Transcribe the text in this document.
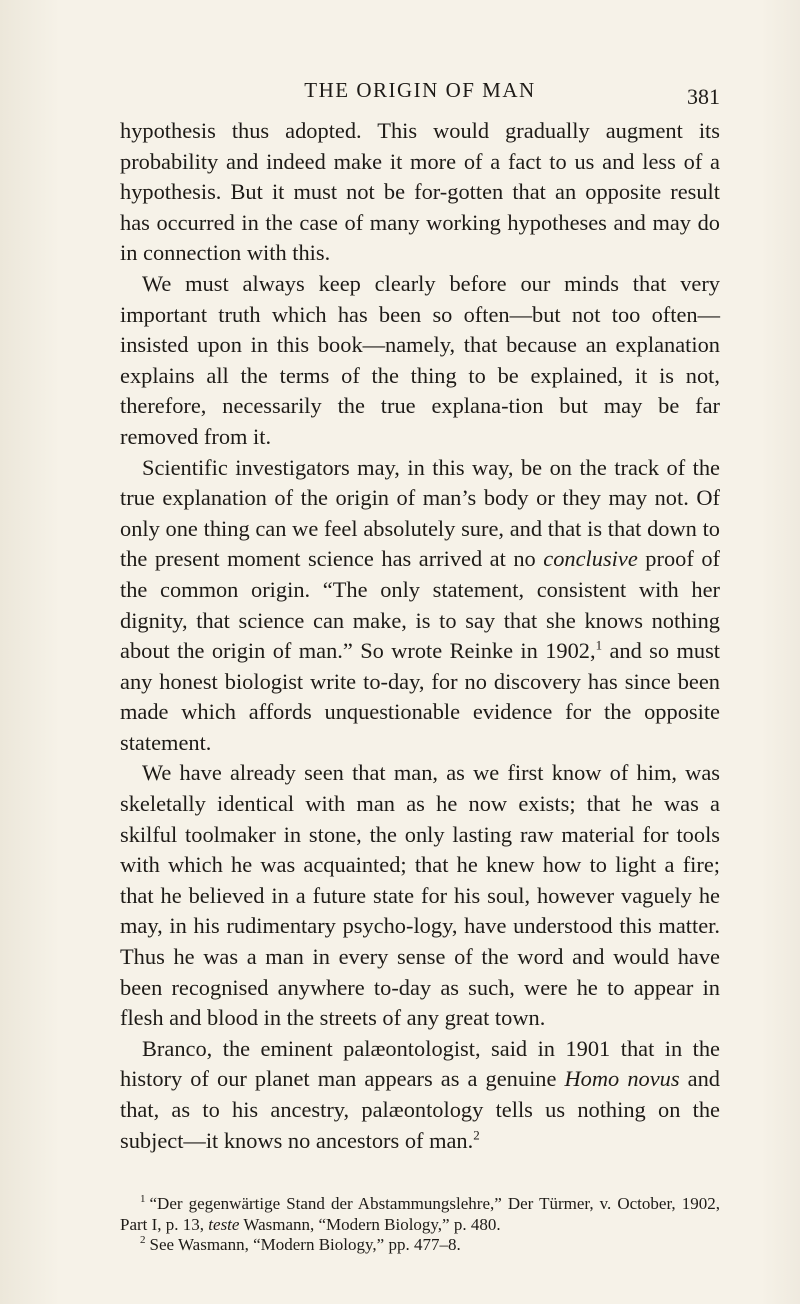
THE ORIGIN OF MAN	381

hypothesis thus adopted. This would gradually augment its probability and indeed make it more of a fact to us and less of a hypothesis. But it must not be for-gotten that an opposite result has occurred in the case of many working hypotheses and may do in connection with this.

We must always keep clearly before our minds that very important truth which has been so often—but not too often—insisted upon in this book—namely, that because an explanation explains all the terms of the thing to be explained, it is not, therefore, necessarily the true explana-tion but may be far removed from it.

Scientific investigators may, in this way, be on the track of the true explanation of the origin of man’s body or they may not. Of only one thing can we feel absolutely sure, and that is that down to the present moment science has arrived at no conclusive proof of the common origin. “The only statement, consistent with her dignity, that science can make, is to say that she knows nothing about the origin of man.” So wrote Reinke in 1902,$^1$ and so must any honest biologist write to-day, for no discovery has since been made which affords unquestionable evidence for the opposite statement.

We have already seen that man, as we first know of him, was skeletally identical with man as he now exists; that he was a skilful toolmaker in stone, the only lasting raw material for tools with which he was acquainted; that he knew how to light a fire; that he believed in a future state for his soul, however vaguely he may, in his rudimentary psycho-logy, have understood this matter. Thus he was a man in every sense of the word and would have been recognised anywhere to-day as such, were he to appear in flesh and blood in the streets of any great town.

Branco, the eminent palæontologist, said in 1901 that in the history of our planet man appears as a genuine Homo novus and that, as to his ancestry, palæontology tells us nothing on the subject—it knows no ancestors of man.$^2$

$^1$ “Der gegenwärtige Stand der Abstammungslehre,” Der Türmer, v. October, 1902, Part I, p. 13, teste Wasmann, “Modern Biology,” p. 480.

$^2$ See Wasmann, “Modern Biology,” pp. 477–8.
